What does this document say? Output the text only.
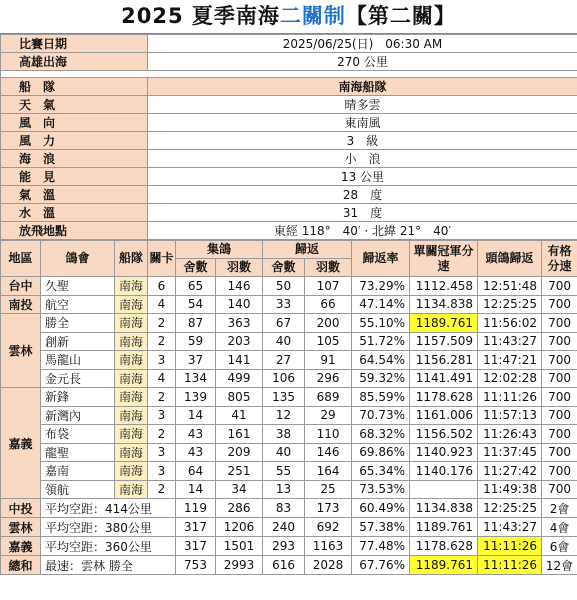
2025 夏季南海二關制【第二關】
比賽日期	2025/06/25(日)　06:30 AM
高雄出海	270 公里

船　隊	南海船隊
天　氣	晴多雲
風　向	東南風
風　力	3　級
海　浪	小　浪
能　見	13 公里
氣　溫	28　度
水　溫	31　度
放飛地點	東經 118°　40′ · 北緯 21°　40′
地區	鴿會	船隊	關卡	集鴿		歸返		歸返率	單關冠軍分速	頭鴿歸返	有格分速
				舍數	羽數	舍數	羽數				
台中	久聖	南海	6	65	146	50	107	73.29%	1112.458	12:51:48	700
南投	航空	南海	4	54	140	33	66	47.14%	1134.838	12:25:25	700
雲林	勝全	南海	2	87	363	67	200	55.10%	1189.761	11:56:02	700
	創新	南海	2	59	203	40	105	51.72%	1157.509	11:43:27	700
	馬龍山	南海	3	37	141	27	91	64.54%	1156.281	11:47:21	700
	金元長	南海	4	134	499	106	296	59.32%	1141.491	12:02:28	700
嘉義	新鋒	南海	2	139	805	135	689	85.59%	1178.628	11:11:26	700
	新灣內	南海	3	14	41	12	29	70.73%	1161.006	11:57:13	700
	布袋	南海	2	43	161	38	110	68.32%	1156.502	11:26:43	700
	龍聖	南海	3	43	209	40	146	69.86%	1140.923	11:37:45	700
	嘉南	南海	3	64	251	55	164	65.34%	1140.176	11:27:42	700
	領航	南海	2	14	34	13	25	73.53%		11:49:38	700
中投	平均空距：414公里			119	286	83	173	60.49%	1134.838	12:25:25	2會
雲林	平均空距：380公里			317	1206	240	692	57.38%	1189.761	11:43:27	4會
嘉義	平均空距：360公里			317	1501	293	1163	77.48%	1178.628	11:11:26	6會
總和	最速：雲林 勝全			753	2993	616	2028	67.76%	1189.761	11:11:26	12會
